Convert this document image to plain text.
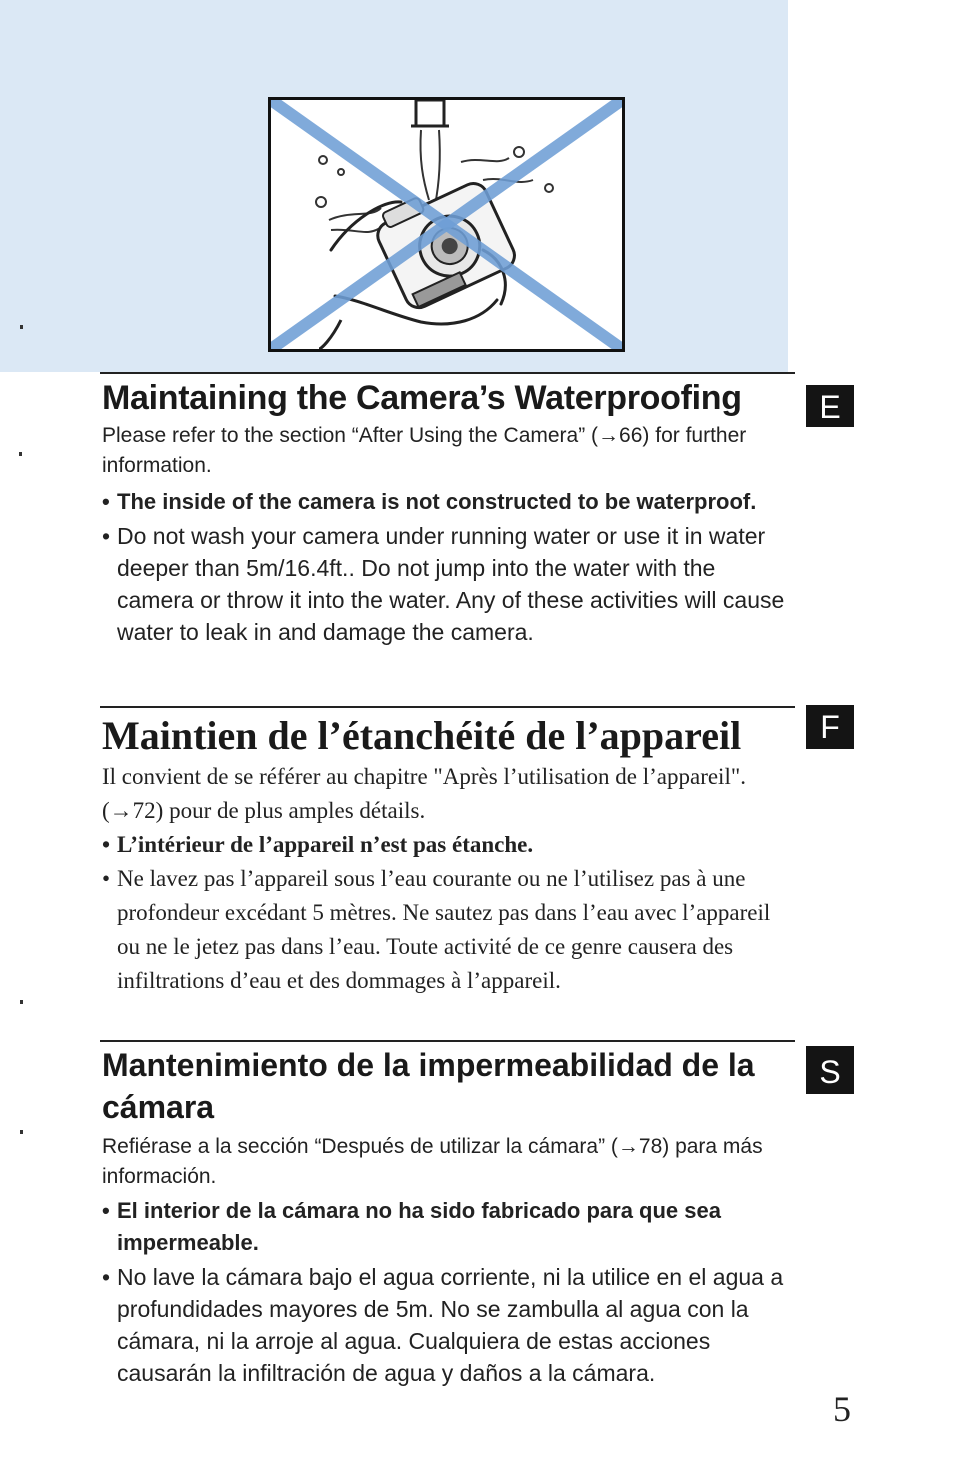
E
Maintaining the Camera’s Waterproofing

Please refer to the section “After Using the Camera” (→66) for further information.

• The inside of the camera is not constructed to be waterproof.

• Do not wash your camera under running water or use it in water deeper than 5m/16.4ft.. Do not jump into the water with the camera or throw it into the water. Any of these activities will cause water to leak in and damage the camera.

F
Maintien de l’étanchéité de l’appareil

Il convient de se référer au chapitre "Après l’utilisation de l’appareil". (→72) pour de plus amples détails.

• L’intérieur de l’appareil n’est pas étanche.

• Ne lavez pas l’appareil sous l’eau courante ou ne l’utilisez pas à une profondeur excédant 5 mètres. Ne sautez pas dans l’eau avec l’appareil ou ne le jetez pas dans l’eau. Toute activité de ce genre causera des infiltrations d’eau et des dommages à l’appareil.

S
Mantenimiento de la impermeabilidad de la cámara

Refiérase a la sección “Después de utilizar la cámara” (→78) para más información.

• El interior de la cámara no ha sido fabricado para que sea impermeable.

• No lave la cámara bajo el agua corriente, ni la utilice en el agua a profundidades mayores de 5m. No se zambulla al agua con la cámara, ni la arroje al agua. Cualquiera de estas acciones causarán la infiltración de agua y daños a la cámara.

5
